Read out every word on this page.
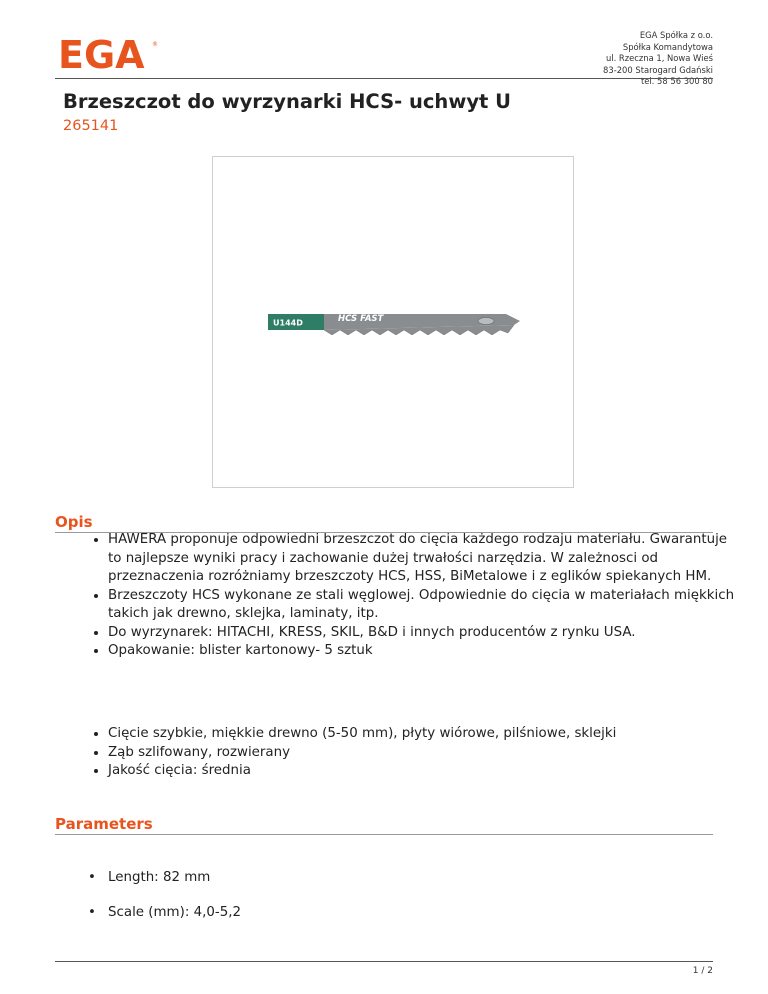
EGA ®
EGA Spółka z o.o.
Spółka Komandytowa
ul. Rzeczna 1, Nowa Wieś
83-200 Starogard Gdański
tel. 58 56 300 80
Brzeszczot do wyrzynarki HCS- uchwyt U
265141
U144D	HCS FAST
Opis
• HAWERA proponuje odpowiedni brzeszczot do cięcia każdego rodzaju materiału. Gwarantuje to najlepsze wyniki pracy i zachowanie dużej trwałości narzędzia. W zależnosci od przeznaczenia rozróżniamy brzeszczoty HCS, HSS, BiMetalowe i z eglików spiekanych HM.
• Brzeszczoty HCS wykonane ze stali węglowej. Odpowiednie do cięcia w materiałach miękkich takich jak drewno, sklejka, laminaty, itp.
• Do wyrzynarek: HITACHI, KRESS, SKIL, B&D i innych producentów z rynku USA.
• Opakowanie: blister kartonowy- 5 sztuk
• Cięcie szybkie, miękkie drewno (5-50 mm), płyty wiórowe, pilśniowe, sklejki
• Ząb szlifowany, rozwierany
• Jakość cięcia: średnia
Parameters
• Length: 82 mm
• Scale (mm): 4,0-5,2
1 / 2
